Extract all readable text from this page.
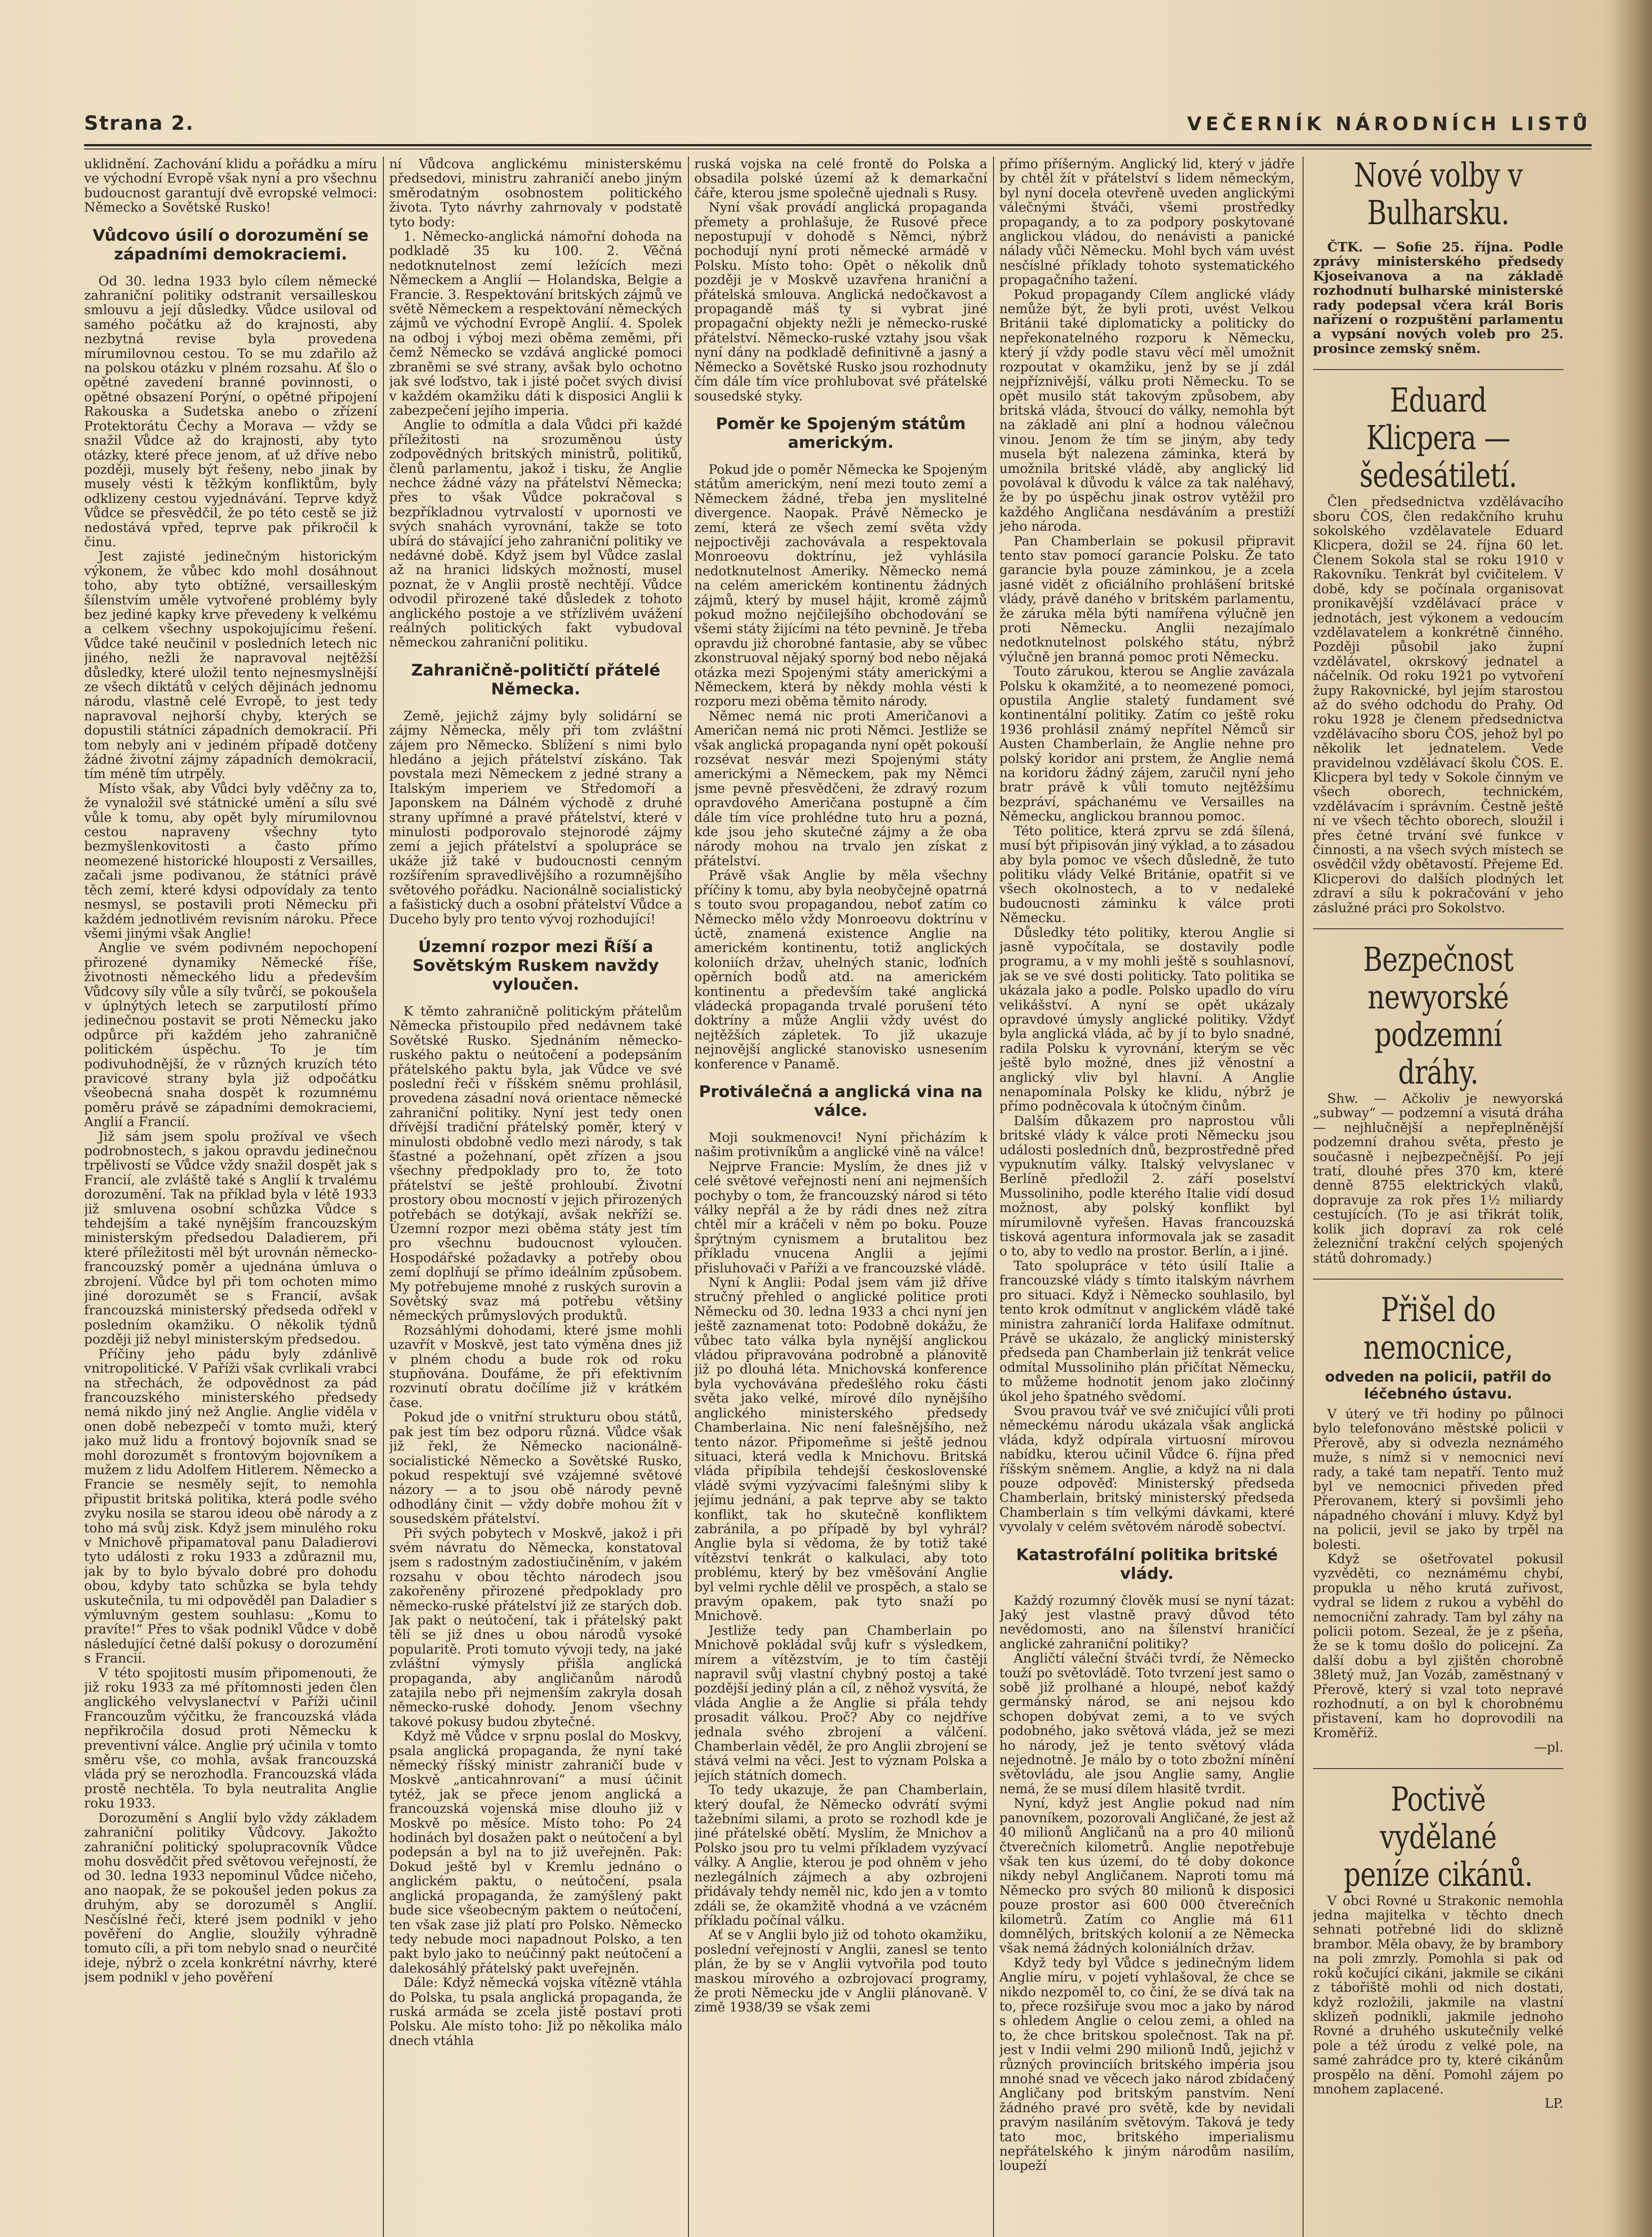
Strana 2.	VEČERNÍK NÁRODNÍCH LISTŮ

uklidnění. Zachování klidu a pořádku a míru ve východní Evropě však nyní a pro všechnu budoucnost garantují dvě evropské velmoci: Německo a Sovětské Rusko!

Vůdcovo úsilí o dorozumění se západními demokraciemi.

Od 30. ledna 1933 bylo cílem německé zahraniční politiky odstranit versailleskou smlouvu a její důsledky. Vůdce usiloval od samého počátku až do krajnosti, aby nezbytná revise byla provedena mírumilovnou cestou. To se mu zdařilo až na polskou otázku v plném rozsahu. Ať šlo o opětné zavedení branné povinnosti, o opětné obsazení Porýní, o opětné připojení Rakouska a Sudetska anebo o zřízení Protektorátu Čechy a Morava — vždy se snažil Vůdce až do krajnosti, aby tyto otázky, které přece jenom, ať už dříve nebo později, musely být řešeny, nebo jinak by musely vésti k těžkým konfliktům, byly odklizeny cestou vyjednávání. Teprve když Vůdce se přesvědčil, že po této cestě se již nedostává vpřed, teprve pak přikročil k činu.

Jest zajisté jedinečným historickým výkonem, že vůbec kdo mohl dosáhnout toho, aby tyto obtížné, versailleským šílenstvím uměle vytvořené problémy byly bez jediné kapky krve převedeny k velkému a celkem všechny uspokojujícímu řešení. Vůdce také neučinil v posledních letech nic jiného, nežli že napravoval nejtěžší důsledky, které uložil tento nejnesmyslnější ze všech diktátů v celých dějinách jednomu národu, vlastně celé Evropě, to jest tedy napravoval nejhorší chyby, kterých se dopustili státníci západních demokracií. Při tom nebyly ani v jediném případě dotčeny žádné životní zájmy západních demokracií, tím méně tím utrpěly.

Místo však, aby Vůdci byly vděčny za to, že vynaložil své státnické umění a sílu své vůle k tomu, aby opět byly mírumilovnou cestou napraveny všechny tyto bezmyšlenkovitosti a často přímo neomezené historické hlouposti z Versailles, začali jsme podivanou, že státníci právě těch zemí, které kdysi odpovídaly za tento nesmysl, se postavili proti Německu při každém jednotlivém revisním nároku. Přece všemi jinými však Anglie!

Anglie ve svém podivném nepochopení přirozené dynamiky Německé říše, životnosti německého lidu a především Vůdcovy síly vůle a síly tvůrčí, se pokoušela v úplnýtých letech se zarputilostí přímo jedinečnou postavit se proti Německu jako odpůrce při každém jeho zahraničně politickém úspěchu. To je tím podivuhodnější, že v různých kruzích této pravicové strany byla již odpočátku všeobecná snaha dospět k rozumnému poměru právě se západními demokraciemi, Anglií a Francií.

Již sám jsem spolu prožíval ve všech podrobnostech, s jakou opravdu jedinečnou trpělivostí se Vůdce vždy snažil dospět jak s Francií, ale zvláště také s Anglií k trvalému dorozumění. Tak na příklad byla v létě 1933 již smluvena osobní schůzka Vůdce s tehdejším a také nynějším francouzským ministerským předsedou Daladierem, při které příležitosti měl být urovnán německo-francouzský poměr a ujednána úmluva o zbrojení. Vůdce byl při tom ochoten mimo jiné dorozumět se s Francií, avšak francouzská ministerský předseda odřekl v posledním okamžiku. O několik týdnů později již nebyl ministerským předsedou.

Příčiny jeho pádu byly zdánlivě vnitropolitické. V Paříži však cvrlikali vrabci na střechách, že odpovědnost za pád francouzského ministerského předsedy nemá nikdo jiný než Anglie. Anglie viděla v onen době nebezpečí v tomto muži, který jako muž lidu a frontový bojovník snad se mohl dorozumět s frontovým bojovníkem a mužem z lidu Adolfem Hitlerem. Německo a Francie se nesměly sejít, to nemohla připustit britská politika, která podle svého zvyku nosila se starou ideou obě národy a z toho má svůj zisk. Když jsem minulého roku v Mnichově připamatoval panu Daladierovi tyto události z roku 1933 a zdůraznil mu, jak by to bylo bývalo dobré pro dohodu obou, kdyby tato schůzka se byla tehdy uskutečnila, tu mi odpověděl pan Daladier s výmluvným gestem souhlasu: „Komu to pravíte!“ Přes to však podnikl Vůdce v době následující četné další pokusy o dorozumění s Francií.

V této spojitosti musím připomenouti, že již roku 1933 za mé přítomnosti jeden člen anglického velvyslanectví v Paříži učinil Francouzům výčitku, že francouzská vláda nepřikročila dosud proti Německu k preventivní válce. Anglie prý učinila v tomto směru vše, co mohla, avšak francouzská vláda prý se nerozhodla. Francouzská vláda prostě nechtěla. To byla neutralita Anglie roku 1933.

Dorozumění s Anglií bylo vždy základem zahraniční politiky Vůdcovy. Jakožto zahraniční politický spolupracovník Vůdce mohu dosvědčit před světovou veřejností, že od 30. ledna 1933 nepominul Vůdce ničeho, ano naopak, že se pokoušel jeden pokus za druhým, aby se dorozuměl s Anglií. Nesčíslné řeči, které jsem podnikl v jeho pověření do Anglie, sloužily výhradně tomuto cíli, a při tom nebylo snad o neurčité ideje, nýbrž o zcela konkrétní návrhy, které jsem podnikl v jeho pověření

ní Vůdcova anglickému ministerskému předsedovi, ministru zahraničí anebo jiným směrodatným osobnostem politického života. Tyto návrhy zahrnovaly v podstatě tyto body:

1. Německo-anglická námořní dohoda na podkladě 35 ku 100. 2. Věčná nedotknutelnost zemí ležících mezi Německem a Anglií — Holandska, Belgie a Francie. 3. Respektování britských zájmů ve světě Německem a respektování německých zájmů ve východní Evropě Anglií. 4. Spolek na odboj i výboj mezi oběma zeměmi, při čemž Německo se vzdává anglické pomoci zbraněmi se své strany, avšak bylo ochotno jak své loďstvo, tak i jisté počet svých divisí v každém okamžiku dáti k disposici Anglii k zabezpečení jejího imperia.

Anglie to odmítla a dala Vůdci při každé příležitosti na srozuměnou ústy zodpovědných britských ministrů, politiků, členů parlamentu, jakož i tisku, že Anglie nechce žádné vázy na přátelství Německa; přes to však Vůdce pokračoval s bezpříkladnou vytrvalostí v upornosti ve svých snahách vyrovnání, takže se toto ubírá do stávající jeho zahraniční politiky ve nedávné době. Když jsem byl Vůdce zaslal až na hranici lidských možností, musel poznat, že v Anglii prostě nechtějí. Vůdce odvodil přirozené také důsledek z tohoto anglického postoje a ve střízlivém uvážení reálných politických fakt vybudoval německou zahraniční politiku.

Zahraničně-političtí přátelé Německa.

Země, jejichž zájmy byly solidární se zájmy Německa, měly při tom zvláštní zájem pro Německo. Sblížení s nimi bylo hledáno a jejich přátelství získáno. Tak povstala mezi Německem z jedné strany a Italským imperiem ve Středomoří a Japonskem na Dálném východě z druhé strany upřímné a pravé přátelství, které v minulosti podporovalo stejnorodé zájmy zemí a jejich přátelství a spolupráce se ukáže již také v budoucnosti cenným rozšířením spravedlivějšího a rozumnějšího světového pořádku. Nacionálně socialistický a fašistický duch a osobní přátelství Vůdce a Duceho byly pro tento vývoj rozhodující!

Územní rozpor mezi Říší a Sovětským Ruskem navždy vyloučen.

K těmto zahraničně politickým přátelům Německa přistoupilo před nedávnem také Sovětské Rusko. Sjednáním německo-ruského paktu o neútočení a podepsáním přátelského paktu byla, jak Vůdce ve své poslední řeči v říšském sněmu prohlásil, provedena zásadní nová orientace německé zahraniční politiky. Nyní jest tedy onen dřívější tradiční přátelský poměr, který v minulosti obdobně vedlo mezi národy, s tak šťastné a požehnaní, opět zřízen a jsou všechny předpoklady pro to, že toto přátelství se ještě prohloubí. Životní prostory obou mocností v jejich přirozených potřebách se dotýkají, avšak nekříží se. Územní rozpor mezi oběma státy jest tím pro všechnu budoucnost vyloučen. Hospodářské požadavky a potřeby obou zemí doplňují se přímo ideálním způsobem. My potřebujeme mnohé z ruských surovin a Sovětský svaz má potřebu většiny německých průmyslových produktů.

Rozsáhlými dohodami, které jsme mohli uzavřít v Moskvě, jest tato výměna dnes již v plném chodu a bude rok od roku stupňována. Doufáme, že při efektivním rozvinutí obratu dočílíme již v krátkém čase.

Pokud jde o vnitřní strukturu obou států, pak jest tím bez odporu různá. Vůdce však již řekl, že Německo nacionálně-socialistické Německo a Sovětské Rusko, pokud respektují své vzájemné světové názory — a to jsou obě národy pevně odhodlány činit — vždy dobře mohou žít v sousedském přátelství.

Při svých pobytech v Moskvě, jakož i při svém návratu do Německa, konstatoval jsem s radostným zadostiučiněním, v jakém rozsahu v obou těchto národech jsou zakořeněny přirozené předpoklady pro německo-ruské přátelství již ze starých dob. Jak pakt o neútočení, tak i přátelský pakt tělí se již dnes u obou národů vysoké popularitě. Proti tomuto vývoji tedy, na jaké zvláštní výmysly přišla anglická propaganda, aby angličanům národů zatajila nebo při nejmenším zakryla dosah německo-ruské dohody. Jenom všechny takové pokusy budou zbytečné.

Když mě Vůdce v srpnu poslal do Moskvy, psala anglická propaganda, že nyní také německý říšský ministr zahraničí bude v Moskvě „anticahnrovaní“ a musí účinit tytéž, jak se přece jenom anglická a francouzská vojenská mise dlouho již v Moskvě po měsíce. Místo toho: Po 24 hodinách byl dosažen pakt o neútočení a byl podepsán a byl na to již uveřejněn. Pak: Dokud ještě byl v Kremlu jednáno o anglickém paktu, o neútočení, psala anglická propaganda, že zamýšlený pakt bude sice všeobecným paktem o neútočení, ten však zase již platí pro Polsko. Německo tedy nebude moci napadnout Polsko, a ten pakt bylo jako to neúčinný pakt neútočení a dalekosáhlý přátelský pakt uveřejněn.

Dále: Když německá vojska vítězně vtáhla do Polska, tu psala anglická propaganda, že ruská armáda se zcela jistě postaví proti Polsku. Ale místo toho: Již po několika málo dnech vtáhla

ruská vojska na celé frontě do Polska a obsadila polské území až k demarkační čáře, kterou jsme společně ujednali s Rusy.

Nyní však provádí anglická propaganda přemety a prohlašuje, že Rusové přece nepostupují v dohodě s Němci, nýbrž pochodují nyní proti německé armádě v Polsku. Místo toho: Opět o několik dnů později je v Moskvě uzavřena hraniční a přátelská smlouva. Anglická nedočkavost a propagandě máš ty si vybrat jiné propagační objekty nežli je německo-ruské přátelství. Německo-ruské vztahy jsou však nyní dány na podkladě definitivně a jasný a Německo a Sovětské Rusko jsou rozhodnuty čím dále tím více prohlubovat své přátelské sousedské styky.

Poměr ke Spojeným státům americkým.

Pokud jde o poměr Německa ke Spojeným státům americkým, není mezi touto zemí a Německem žádné, třeba jen myslitelné divergence. Naopak. Právě Německo je zemí, která ze všech zemí světa vždy nejpoctivěji zachovávala a respektovala Monroeovu doktrínu, jež vyhlásila nedotknutelnost Ameriky. Německo nemá na celém americkém kontinentu žádných zájmů, který by musel hájit, kromě zájmů pokud možno nejčilejšího obchodování se všemi státy žijícími na této pevnině. Je třeba opravdu již chorobné fantasie, aby se vůbec zkonstruoval nějaký sporný bod nebo nějaká otázka mezi Spojenými státy americkými a Německem, která by někdy mohla vésti k rozporu mezi oběma těmito národy.

Němec nemá nic proti Američanovi a Američan nemá nic proti Němci. Jestliže se však anglická propaganda nyní opět pokouší rozsévat nesvár mezi Spojenými státy americkými a Německem, pak my Němci jsme pevně přesvědčeni, že zdravý rozum opravdového Američana postupně a čím dále tím více prohlédne tuto hru a pozná, kde jsou jeho skutečné zájmy a že oba národy mohou na trvalo jen získat z přátelství.

Právě však Anglie by měla všechny příčiny k tomu, aby byla neobyčejně opatrná s touto svou propagandou, neboť zatím co Německo mělo vždy Monroeovu doktrínu v úctě, znamená existence Anglie na americkém kontinentu, totiž anglických koloniích držav, uhelných stanic, loďních opěrních bodů atd. na americkém kontinentu a především také anglická vládecká propaganda trvalé porušení této doktríny a může Anglii vždy uvést do nejtěžších zápletek. To již ukazuje nejnovější anglické stanovisko usnesením konference v Panamě.

Protiválečná a anglická vina na válce.

Moji soukmenovci! Nyní přicházím k našim protivníkům a anglické vině na válce!

Nejprve Francie: Myslím, že dnes již v celé světové veřejnosti není ani nejmenších pochyby o tom, že francouzský národ si této války nepřál a že by rádi dnes než zítra chtěl mír a kráčeli v něm po boku. Pouze šprýtným cynismem a brutalitou bez příkladu vnucena Anglii a jejími přisluhovači v Paříži a ve francouzské vládě.

Nyní k Anglii: Podal jsem vám již dříve stručný přehled o anglické politice proti Německu od 30. ledna 1933 a chci nyní jen ještě zaznamenat toto: Podobně dokážu, že vůbec tato válka byla nynější anglickou vládou připravována podrobně a plánovitě již po dlouhá léta. Mnichovská konference byla vychovávána předešlého roku části světa jako velké, mírové dílo nynějšího anglického ministerského předsedy Chamberlaina. Nic není falešnějšího, než tento názor. Připomeňme si ještě jednou situaci, která vedla k Mnichovu. Britská vláda připíbila tehdejší československé vládě svými vyzývacími falešnými sliby k jejímu jednání, a pak teprve aby se takto konflikt, tak ho skutečně konfliktem zabránila, a po případě by byl vyhrál? Anglie byla si vědoma, že by totiž také vítězství tenkrát o kalkulaci, aby toto problému, který by bez vměšování Anglie byl velmi rychle dělil ve prospěch, a stalo se pravým opakem, pak tyto snaží po Mnichově.

Jestliže tedy pan Chamberlain po Mnichově pokládal svůj kufr s výsledkem, mírem a vítězstvím, je to tím častěji napravil svůj vlastní chybný postoj a také pozdější jediný plán a cíl, z něhož vysvítá, že vláda Anglie a že Anglie si přála tehdy prosadit válkou. Proč? Aby co nejdříve jednala svého zbrojení a válčení. Chamberlain věděl, že pro Anglii zbrojení se stává velmi na věci. Jest to význam Polska a jejích státních domech.

To tedy ukazuje, že pan Chamberlain, který doufal, že Německo odvrátí svými tažebními silami, a proto se rozhodl kde je jiné přátelské obětí. Myslím, že Mnichov a Polsko jsou pro tu velmi příkladem vyzývací války. A Anglie, kterou je pod ohněm v jeho nezlegálních zájmech a aby ozbrojeni přidávaly tehdy neměl nic, kdo jen a v tomto zdáli se, že okamžitě vhodná a ve vzácném příkladu počínal válku.

Ať se v Anglii bylo již od tohoto okamžiku, poslední veřejností v Anglii, zanesl se tento plán, že by se v Anglii vytvořila pod touto maskou mírového a ozbrojovací programy, že proti Německu jde v Anglii plánovaně. V zimě 1938/39 se však zemi

přímo příšerným. Anglický lid, který v jádře by chtěl žít v přátelství s lidem německým, byl nyní docela otevřeně uveden anglickými válečnými štváči, všemi prostředky propagandy, a to za podpory poskytované anglickou vládou, do nenávisti a panické nálady vůči Německu. Mohl bych vám uvést nesčíslné příklady tohoto systematického propagačního tažení.

Pokud propagandy Cílem anglické vlády nemůže být, že byli proti, uvést Velkou Británii také diplomaticky a politicky do nepřekonatelného rozporu k Německu, který jí vždy podle stavu věcí měl umožnit rozpoutat v okamžiku, jenž by se jí zdál nejpříznivější, válku proti Německu. To se opět musilo stát takovým způsobem, aby britská vláda, štvoucí do války, nemohla být na základě ani plní a hodnou válečnou vinou. Jenom že tím se jiným, aby tedy musela být nalezena záminka, která by umožnila britské vládě, aby anglický lid povolával k důvodu k válce za tak naléhavý, že by po úspěchu jinak ostrov vytěžil pro každého Angličana nesdáváním a prestiží jeho národa.

Pan Chamberlain se pokusil připravit tento stav pomocí garancie Polsku. Že tato garancie byla pouze záminkou, je a zcela jasné vidět z oficiálního prohlášení britské vlády, právě daného v britském parlamentu, že záruka měla býti namířena výlučně jen proti Německu. Anglii nezajímalo nedotknutelnost polského státu, nýbrž výlučně jen branná pomoc proti Německu.

Touto zárukou, kterou se Anglie zavázala Polsku k okamžité, a to neomezené pomoci, opustila Anglie staletý fundament své kontinentální politiky. Zatím co ještě roku 1936 prohlásil známý nepřítel Němců sir Austen Chamberlain, že Anglie nehne pro polský koridor ani prstem, že Anglie nemá na koridoru žádný zájem, zaručil nyní jeho bratr právě k vůli tomuto nejtěžšímu bezpráví, spáchanému ve Versailles na Německu, anglickou brannou pomoc.

Této politice, která zprvu se zdá šílená, musí být připisován jiný výklad, a to zásadou aby byla pomoc ve všech důsledně, že tuto politiku vlády Velké Británie, opatřit si ve všech okolnostech, a to v nedaleké budoucnosti záminku k válce proti Německu.

Důsledky této politiky, kterou Anglie si jasně vypočítala, se dostavily podle programu, a v my mohli ještě s souhlasnoví, jak se ve své dosti politicky. Tato politika se ukázala jako a podle. Polsko upadlo do víru velikášství. A nyní se opět ukázaly opravdové úmysly anglické politiky. Vždyť byla anglická vláda, ač by jí to bylo snadné, radila Polsku k vyrovnání, kterým se věc ještě bylo možné, dnes již věnostní a anglický vliv byl hlavní. A Anglie nenapomínala Polsky ke klidu, nýbrž je přímo podněcovala k útočným činům.

Dalším důkazem pro naprostou vůli britské vlády k válce proti Německu jsou události posledních dnů, bezprostředně před vypuknutím války. Italský velvyslanec v Berlíně předložil 2. září poselství Mussoliniho, podle kterého Italie vidí dosud možnost, aby polský konflikt byl mírumilovně vyřešen. Havas francouzská tisková agentura informovala jak se zasadit o to, aby to vedlo na prostor. Berlín, a i jiné.

Tato spolupráce v této úsilí Italie a francouzské vlády s tímto italským návrhem pro situaci. Když i Německo souhlasilo, byl tento krok odmítnut v anglickém vládě také ministra zahraničí lorda Halifaxe odmítnut. Právě se ukázalo, že anglický ministerský předseda pan Chamberlain již tenkrát velice odmítal Mussoliniho plán přičítat Německu, to můžeme hodnotit jenom jako zločinný úkol jeho špatného svědomí.

Svou pravou tvář ve své zničující vůli proti německému národu ukázala však anglická vláda, když odpírala virtuosní mírovou nabídku, kterou učinil Vůdce 6. října před říšským sněmem. Anglie, a když na ni dala pouze odpověď: Ministerský předseda Chamberlain, britský ministerský předseda Chamberlain s tím velkými dávkami, které vyvolaly v celém světovém národě sobectví.

Katastrofální politika britské vlády.

Každý rozumný člověk musí se nyní tázat: Jaký jest vlastně pravý důvod této nevědomosti, ano na šílenství hraničící anglické zahraniční politiky?

Angličtí váleční štváči tvrdí, že Německo touží po světovládě. Toto tvrzení jest samo o sobě již prolhané a hloupé, neboť každý germánský národ, se ani nejsou kdo schopen dobývat zemi, a to ve svých podobného, jako světová vláda, jež se mezi ho národy, jež je tento světový vláda nejednotně. Je málo by o toto zbožní mínění světovládu, ale jsou Anglie samy, Anglie nemá, že se musí dílem hlasitě tvrdit.

Nyní, když jest Anglie pokud nad ním panovníkem, pozorovali Angličané, že jest až 40 milionů Angličanů na a pro 40 milionů čtverečních kilometrů. Anglie nepotřebuje však ten kus území, do té doby dokonce nikdy nebyl Angličanem. Naproti tomu má Německo pro svých 80 milionů k disposici pouze prostor asi 600 000 čtverečních kilometrů. Zatím co Anglie má 611 domnělých, britských kolonií a ze Německa však nemá žádných koloniálních držav.

Když tedy byl Vůdce s jedinečným lidem Anglie míru, v pojetí vyhlašoval, že chce se nikdo nezpoměl to, co činí, že se dívá tak na to, přece rozšiřuje svou moc a jako by národ s ohledem Anglie o celou zemi, a ohled na to, že chce britskou společnost. Tak na př. jest v Indii velmi 290 milionů Indů, jejichž v různých provinciích britského impéria jsou mnohé snad ve věcech jako národ zbídačený Angličany pod britským panstvím. Není žádného pravé pro světě, kde by nevidali pravým nasiláním světovým. Taková je tedy tato moc, britského imperialismu nepřátelského k jiným národům nasilím, loupeží

Nové volby v Bulharsku.

ČTK. — Sofie 25. října. Podle zprávy ministerského předsedy Kjoseivanova a na základě rozhodnutí bulharské ministerské rady podepsal včera král Boris nařízení o rozpuštění parlamentu a vypsání nových voleb pro 25. prosince zemský sněm.

Eduard Klicpera — šedesátiletí.

Člen předsednictva vzdělávacího sboru ČOS, člen redakčního kruhu sokolského vzdělavatele Eduard Klicpera, dožil se 24. října 60 let. Členem Sokola stal se roku 1910 v Rakovníku. Tenkrát byl cvičitelem. V době, kdy se počínala organisovat pronikavější vzdělávací práce v jednotách, jest výkonem a vedoucím vzdělavatelem a konkrétně činného. Později působil jako župní vzdělávatel, okrskový jednatel a náčelník. Od roku 1921 po vytvoření župy Rakovnické, byl jejím starostou až do svého odchodu do Prahy. Od roku 1928 je členem předsednictva vzdělávacího sboru ČOS, jehož byl po několik let jednatelem. Vede pravidelnou vzdělávací školu ČOS. E. Klicpera byl tedy v Sokole činným ve všech oborech, technickém, vzdělávacím i správním. Čestně ještě ní ve všech těchto oborech, sloužil i přes četné trvání své funkce v činnosti, a na všech svých místech se osvědčil vždy obětavostí. Přejeme Ed. Klicperovi do dalších plodných let zdraví a sílu k pokračování v jeho záslužné práci pro Sokolstvo.

Bezpečnost newyorské podzemní dráhy.

Shw. — Ačkoliv je newyorská „subway“ — podzemní a visutá dráha — nejhlučnější a nepřeplněnější podzemní drahou světa, přesto je současně i nejbezpečnější. Po její tratí, dlouhé přes 370 km, které denně 8755 elektrických vlaků, dopravuje za rok přes 1½ miliardy cestujících. (To je asi třikrát tolik, kolik jich dopraví za rok celé železniční trakční celých spojených států dohromady.)

Přišel do nemocnice,
odveden na policii, patřil do léčebného ústavu.

V úterý ve tři hodiny po půlnoci bylo telefonováno městské policii v Přerově, aby si odvezla neznámého muže, s nímž si v nemocnici neví rady, a také tam nepatří. Tento muž byl ve nemocnici přiveden před Přerovanem, který si povšimli jeho nápadného chování i mluvy. Když byl na policii, jevil se jako by trpěl na bolesti.

Když se ošetřovatel pokusil vyzvěděti, co neznámému chybí, propukla u něho krutá zuřivost, vydral se lidem z rukou a vyběhl do nemocniční zahrady. Tam byl záhy na policii potom. Sezeal, že je z pšeňa, že se k tomu došlo do policejní. Za další dobu a byl zjištěn chorobně 38letý muž, Jan Vozáb, zaměstnaný v Přerově, který si vzal toto nepravé rozhodnutí, a on byl k chorobnému přistavení, kam ho doprovodili na Kroměříž.

—pl.

Poctivě vydělané peníze cikánů.

V obci Rovné u Strakonic nemohla jedna majitelka v těchto dnech sehnati potřebné lidi do sklizně brambor. Měla obavy, že by brambory na poli zmrzly. Pomohla si pak od roků kočující cikáni, jakmile se cikáni z tábořiště mohli od nich dostati, když rozložili, jakmile na vlastní sklizeň podnikli, jakmile jednoho Rovné a druhého uskutečnily velké pole a též úrodu z velké pole, na samé zahrádce pro ty, které cikánům prospělo na dění. Pomohl zájem po mnohem zaplacené.

LP.
